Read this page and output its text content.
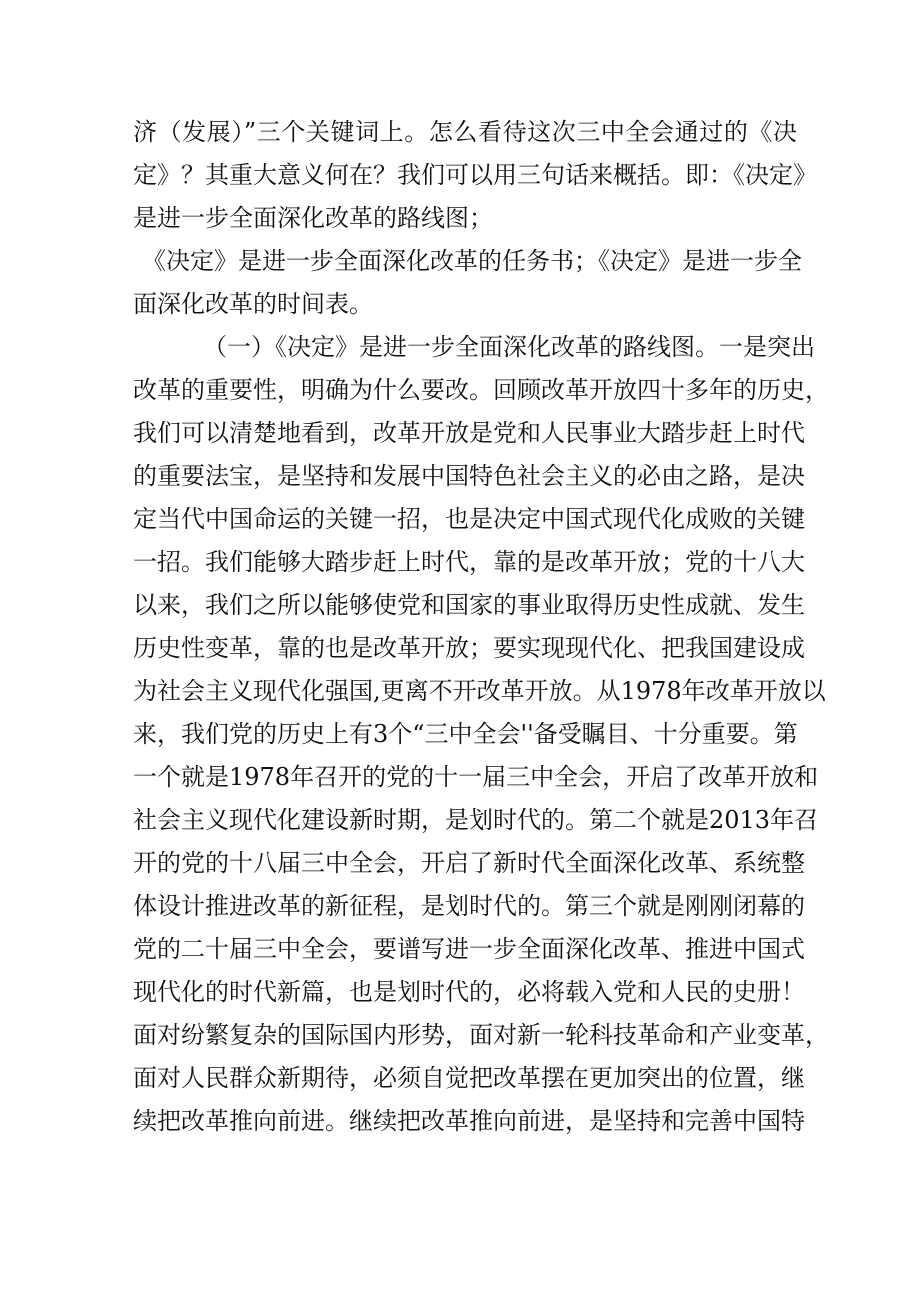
济（发展）”三个关键词上。怎么看待这次三中全会通过的《决
定》？其重大意义何在？我们可以用三句话来概括。即：《决定》
是进一步全面深化改革的路线图；
《决定》是进一步全面深化改革的任务书；《决定》是进一步全
面深化改革的时间表。
（一）《决定》是进一步全面深化改革的路线图。一是突出
改革的重要性，明确为什么要改。回顾改革开放四十多年的历史，
我们可以清楚地看到，改革开放是党和人民事业大踏步赶上时代
的重要法宝，是坚持和发展中国特色社会主义的必由之路，是决
定当代中国命运的关键一招，也是决定中国式现代化成败的关键
一招。我们能够大踏步赶上时代，靠的是改革开放；党的十八大
以来，我们之所以能够使党和国家的事业取得历史性成就、发生
历史性变革，靠的也是改革开放；要实现现代化、把我国建设成
为社会主义现代化强国,更离不开改革开放。从1978年改革开放以
来，我们党的历史上有3个“三中全会''备受瞩目、十分重要。第
一个就是1978年召开的党的十一届三中全会，开启了改革开放和
社会主义现代化建设新时期，是划时代的。第二个就是2013年召
开的党的十八届三中全会，开启了新时代全面深化改革、系统整
体设计推进改革的新征程，是划时代的。第三个就是刚刚闭幕的
党的二十届三中全会，要谱写进一步全面深化改革、推进中国式
现代化的时代新篇，也是划时代的，必将载入党和人民的史册！
面对纷繁复杂的国际国内形势，面对新一轮科技革命和产业变革，
面对人民群众新期待，必须自觉把改革摆在更加突出的位置，继
续把改革推向前进。继续把改革推向前进，是坚持和完善中国特
